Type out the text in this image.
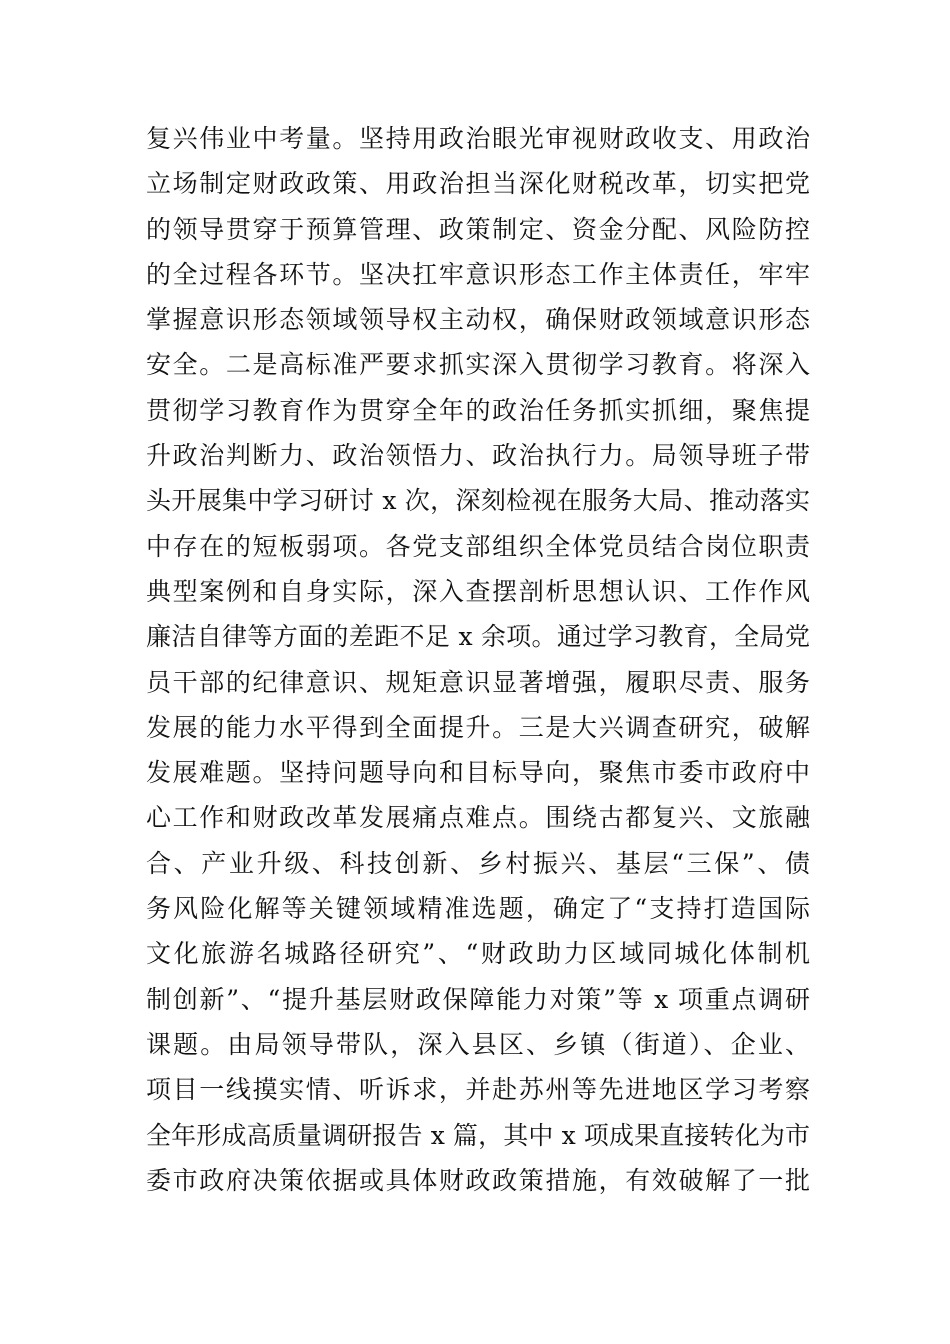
复兴伟业中考量。坚持用政治眼光审视财政收支、用政治
立场制定财政政策、用政治担当深化财税改革，切实把党
的领导贯穿于预算管理、政策制定、资金分配、风险防控
的全过程各环节。坚决扛牢意识形态工作主体责任，牢牢
掌握意识形态领域领导权主动权，确保财政领域意识形态
安全。二是高标准严要求抓实深入贯彻学习教育。将深入
贯彻学习教育作为贯穿全年的政治任务抓实抓细，聚焦提
升政治判断力、政治领悟力、政治执行力。局领导班子带
头开展集中学习研讨 x 次，深刻检视在服务大局、推动落实
中存在的短板弱项。各党支部组织全体党员结合岗位职责
典型案例和自身实际，深入查摆剖析思想认识、工作作风
廉洁自律等方面的差距不足 x 余项。通过学习教育，全局党
员干部的纪律意识、规矩意识显著增强，履职尽责、服务
发展的能力水平得到全面提升。三是大兴调查研究，破解
发展难题。坚持问题导向和目标导向，聚焦市委市政府中
心工作和财政改革发展痛点难点。围绕古都复兴、文旅融
合、产业升级、科技创新、乡村振兴、基层“三保”、债
务风险化解等关键领域精准选题，确定了“支持打造国际
文化旅游名城路径研究”、“财政助力区域同城化体制机
制创新”、“提升基层财政保障能力对策”等 x 项重点调研
课题。由局领导带队，深入县区、乡镇（街道）、企业、
项目一线摸实情、听诉求，并赴苏州等先进地区学习考察
全年形成高质量调研报告 x 篇，其中 x 项成果直接转化为市
委市政府决策依据或具体财政政策措施，有效破解了一批
